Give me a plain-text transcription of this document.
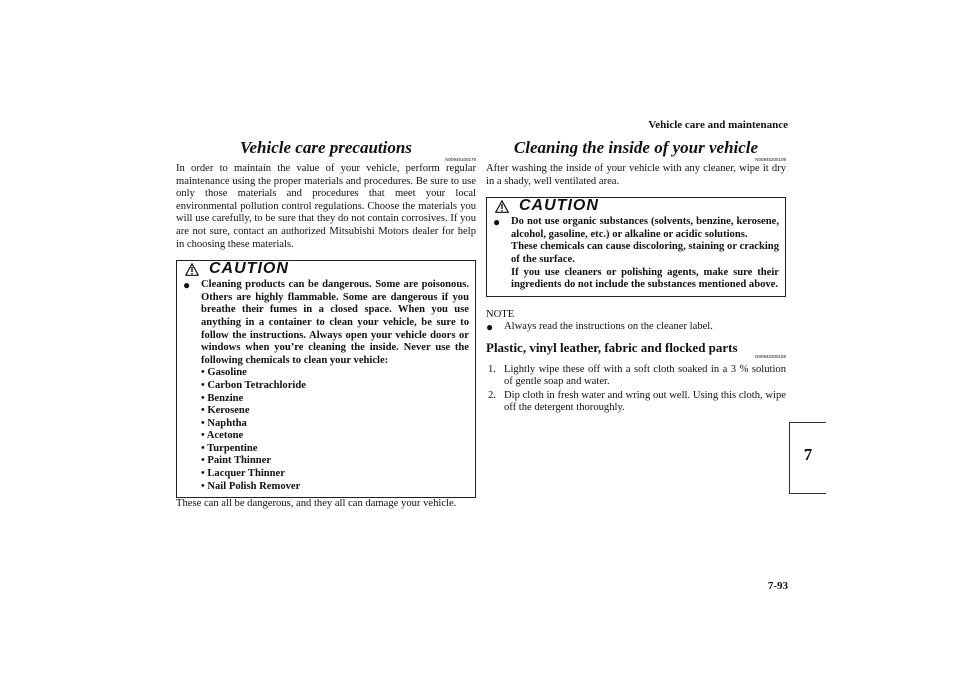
Vehicle care and maintenance
Vehicle care precautions
N00945100179

In order to maintain the value of your vehicle, perform regular maintenance using the proper materials and procedures. Be sure to use only those materials and procedures that meet your local environmental pollution control regulations. Choose the materials you will use carefully, to be sure that they do not contain corrosives. If you are not sure, contact an authorized Mitsubishi Motors dealer for help in choosing these materials.

CAUTION
●	Cleaning products can be dangerous. Some are poisonous. Others are highly flammable. Some are dangerous if you breathe their fumes in a closed space. When you use anything in a container to clean your vehicle, be sure to follow the instructions. Always open your vehicle doors or windows when you’re cleaning the inside. Never use the following chemicals to clean your vehicle:
• Gasoline
• Carbon Tetrachloride
• Benzine
• Kerosene
• Naphtha
• Acetone
• Turpentine
• Paint Thinner
• Lacquer Thinner
• Nail Polish Remover

These can all be dangerous, and they all can damage your vehicle.

Cleaning the inside of your vehicle
N00945200109

After washing the inside of your vehicle with any cleaner, wipe it dry in a shady, well ventilated area.

CAUTION
●	Do not use organic substances (solvents, benzine, kerosene, alcohol, gasoline, etc.) or alkaline or acidic solutions.
These chemicals can cause discoloring, staining or cracking of the surface.
If you use cleaners or polishing agents, make sure their ingredients do not include the substances mentioned above.
NOTE
●	Always read the instructions on the cleaner label.
Plastic, vinyl leather, fabric and flocked parts
N00945300168
1. Lightly wipe these off with a soft cloth soaked in a 3 % solution of gentle soap and water.
2. Dip cloth in fresh water and wring out well. Using this cloth, wipe off the detergent thoroughly.
7
7-93
